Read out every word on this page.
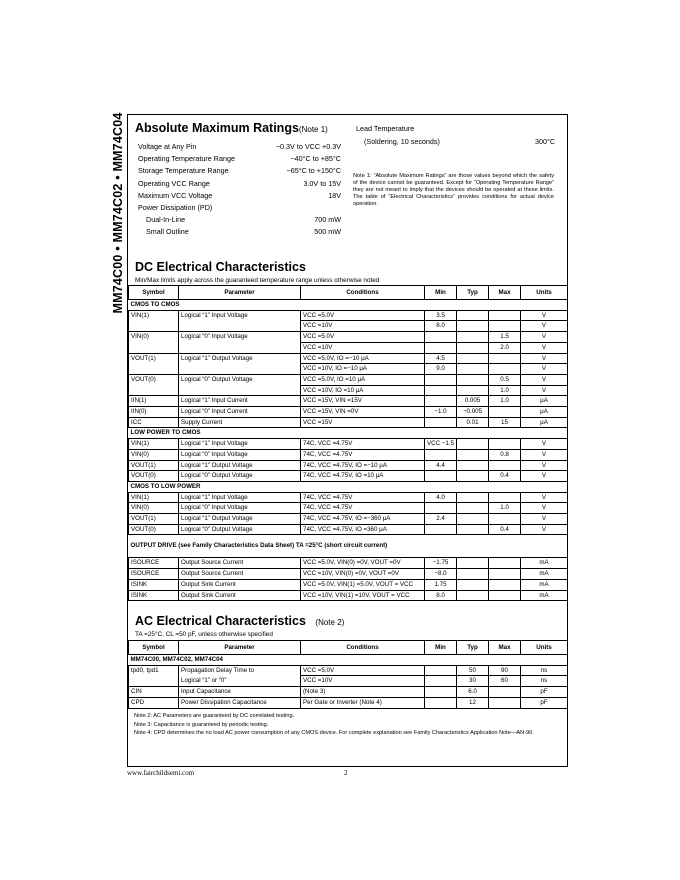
MM74C00 • MM74C02 • MM74C04 Absolute Maximum Ratings(Note 1)
Voltage at Any Pin	−0.3V to VCC +0.3V
Operating Temperature Range	−40°C to +85°C
Storage Temperature Range	−65°C to +150°C
Operating VCC Range	3.0V to 15V
Maximum VCC Voltage	18V
Power Dissipation (PD)
Dual-In-Line	700 mW
Small Outline	500 mW
Lead Temperature
(Soldering, 10 seconds)	300°C
Note 1: “Absolute Maximum Ratings” are those values beyond which the safety of the device cannot be guaranteed. Except for “Operating Temperature Range” they are not meant to imply that the devices should be operated at these limits. The table of “Electrical Characteristics” provides conditions for actual device operation.
DC Electrical Characteristics
Min/Max limits apply across the guaranteed temperature range unless otherwise noted
Symbol	Parameter	Conditions	Min	Typ	Max	Units
CMOS TO CMOS						
VIN(1)	Logical “1” Input Voltage	VCC =5.0V	3.5			V
		VCC =10V	8.0			V
VIN(0)	Logical “0” Input Voltage	VCC =5.0V			1.5	V
		VCC =10V			2.0	V
VOUT(1)	Logical “1” Output Voltage	VCC =5.0V, IO =−10 μA	4.5			V
		VCC =10V, IO =−10 μA	9.0			V
VOUT(0)	Logical “0” Output Voltage	VCC =5.0V, IO =10 μA			0.5	V
		VCC =10V, IO =10 μA			1.0	V
IIN(1)	Logical “1” Input Current	VCC =15V, VIN =15V		0.005	1.0	μA
IIN(0)	Logical “0” Input Current	VCC =15V, VIN =0V	−1.0	−0.005		μA
ICC	Supply Current	VCC =15V		0.01	15	μA
LOW POWER TO CMOS						
VIN(1)	Logical “1” Input Voltage	74C, VCC =4.75V	VCC −1.5			V
VIN(0)	Logical “0” Input Voltage	74C, VCC =4.75V			0.8	V
VOUT(1)	Logical “1” Output Voltage	74C, VCC =4.75V, IO =−10 μA	4.4			V
VOUT(0)	Logical “0” Output Voltage	74C, VCC =4.75V, IO =10 μA			0.4	V
CMOS TO LOW POWER						
VIN(1)	Logical “1” Input Voltage	74C, VCC =4.75V	4.0			V
VIN(0)	Logical “0” Input Voltage	74C, VCC =4.75V			1.0	V
VOUT(1)	Logical “1” Output Voltage	74C, VCC =4.75V, IO =−360 μA	2.4			V
VOUT(0)	Logical “0” Output Voltage	74C, VCC =4.75V, IO =360 μA			0.4	V
OUTPUT DRIVE (see Family Characteristics Data Sheet) TA =25°C (short circuit current)						
ISOURCE	Output Source Current	VCC =5.0V, VIN(0) =0V, VOUT =0V	−1.75			mA
ISOURCE	Output Source Current	VCC =10V, VIN(0) =0V, VOUT =0V	−8.0			mA
ISINK	Output Sink Current	VCC =5.0V, VIN(1) =5.0V, VOUT = VCC	1.75			mA
ISINK	Output Sink Current	VCC =10V, VIN(1) =10V, VOUT = VCC	8.0			mA
AC Electrical Characteristics (Note 2)
TA =25°C, CL =50 pF, unless otherwise specified
Symbol	Parameter	Conditions	Min	Typ	Max	Units
MM74C00, MM74C02, MM74C04						
tpd0, tpd1	Propagation Delay Time to	VCC =5.0V		50	90	ns
	Logical “1” or “0”	VCC =10V		30	60	ns
CIN	Input Capacitance	(Note 3)		6.0		pF
CPD	Power Dissipation Capacitance	Per Gate or Inverter (Note 4)		12		pF
Note 2: AC Parameters are guaranteed by DC correlated testing.
Note 3: Capacitance is guaranteed by periodic testing.
Note 4: CPD determines the no load AC power consumption of any CMOS device. For complete explanation see Family Characteristics Application Note—AN-90.
www.fairchildsemi.com	2
